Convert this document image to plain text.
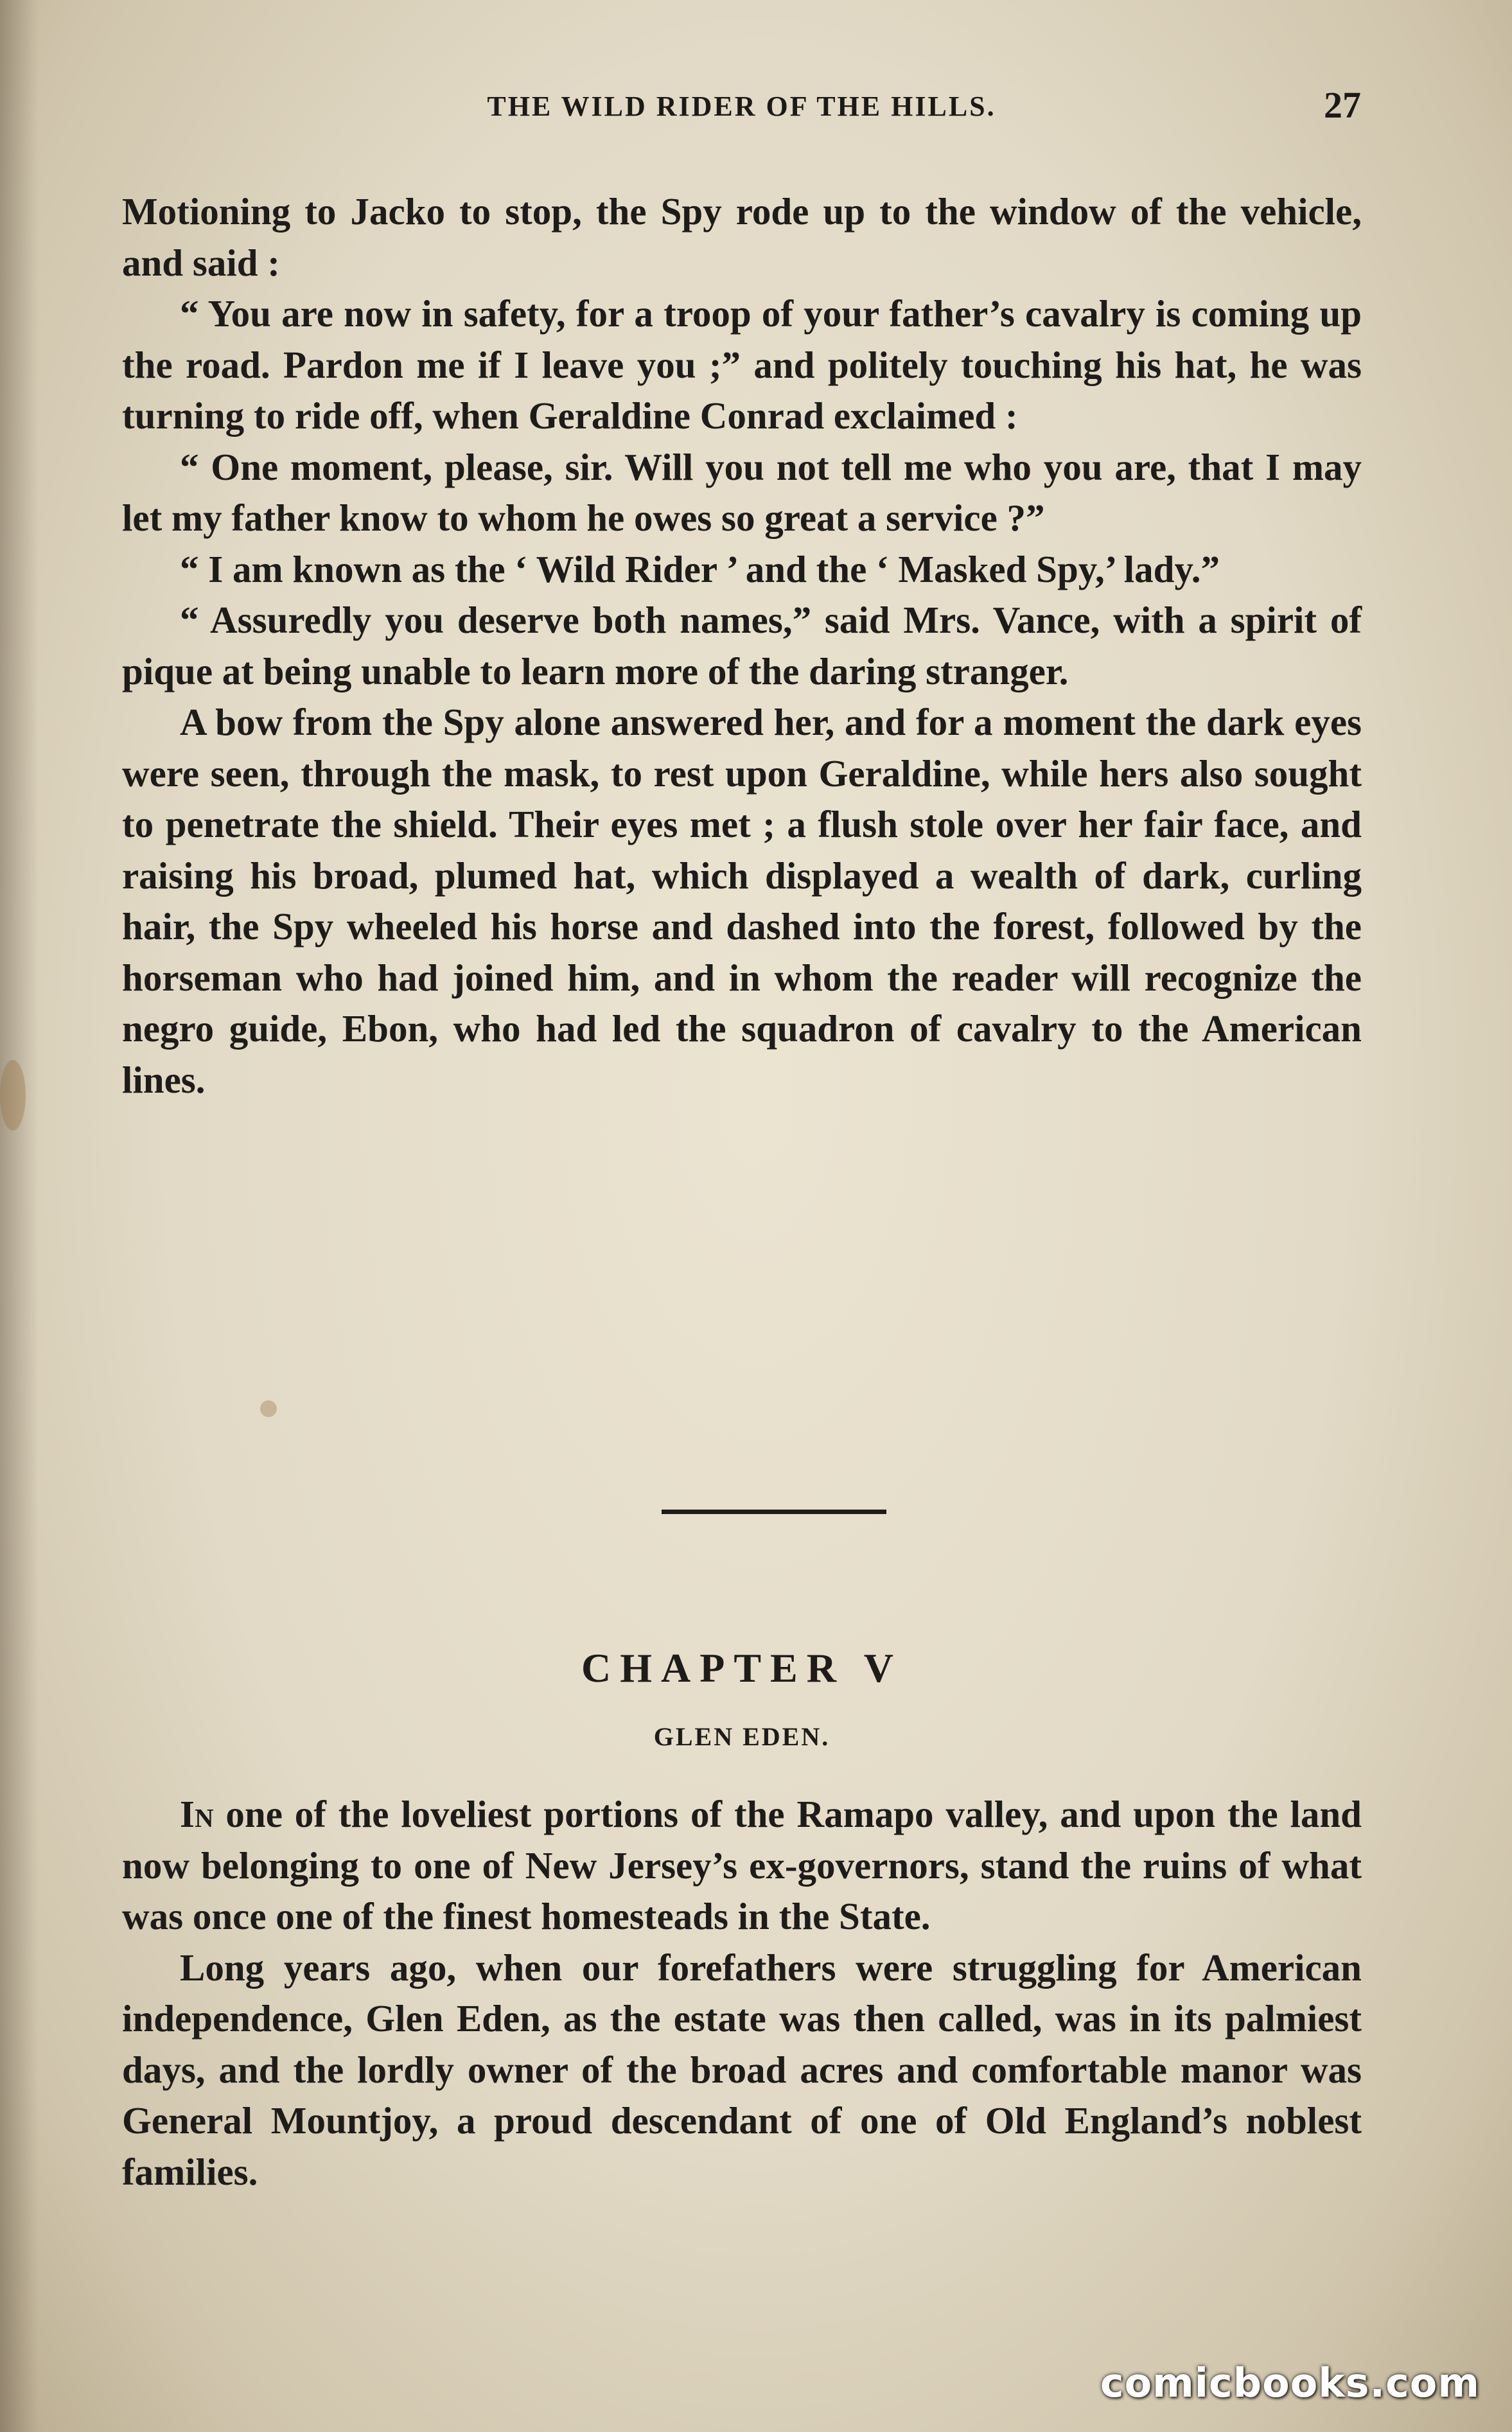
THE WILD RIDER OF THE HILLS.	27

Motioning to Jacko to stop, the Spy rode up to the window of the vehicle, and said :

“ You are now in safety, for a troop of your father’s cavalry is coming up the road. Pardon me if I leave you ;” and politely touching his hat, he was turning to ride off, when Geraldine Conrad exclaimed :

“ One moment, please, sir. Will you not tell me who you are, that I may let my father know to whom he owes so great a service ?”

“ I am known as the ‘ Wild Rider ’ and the ‘ Masked Spy,’ lady.”

“ Assuredly you deserve both names,” said Mrs. Vance, with a spirit of pique at being unable to learn more of the daring stranger.

A bow from the Spy alone answered her, and for a moment the dark eyes were seen, through the mask, to rest upon Geraldine, while hers also sought to penetrate the shield. Their eyes met ; a flush stole over her fair face, and raising his broad, plumed hat, which displayed a wealth of dark, curling hair, the Spy wheeled his horse and dashed into the forest, followed by the horseman who had joined him, and in whom the reader will recognize the negro guide, Ebon, who had led the squadron of cavalry to the American lines.

CHAPTER V
GLEN EDEN.

In one of the loveliest portions of the Ramapo valley, and upon the land now belonging to one of New Jersey’s ex-governors, stand the ruins of what was once one of the finest homesteads in the State.

Long years ago, when our forefathers were struggling for American independence, Glen Eden, as the estate was then called, was in its palmiest days, and the lordly owner of the broad acres and comfortable manor was General Mountjoy, a proud descendant of one of Old England’s noblest families.

comicbooks.com
